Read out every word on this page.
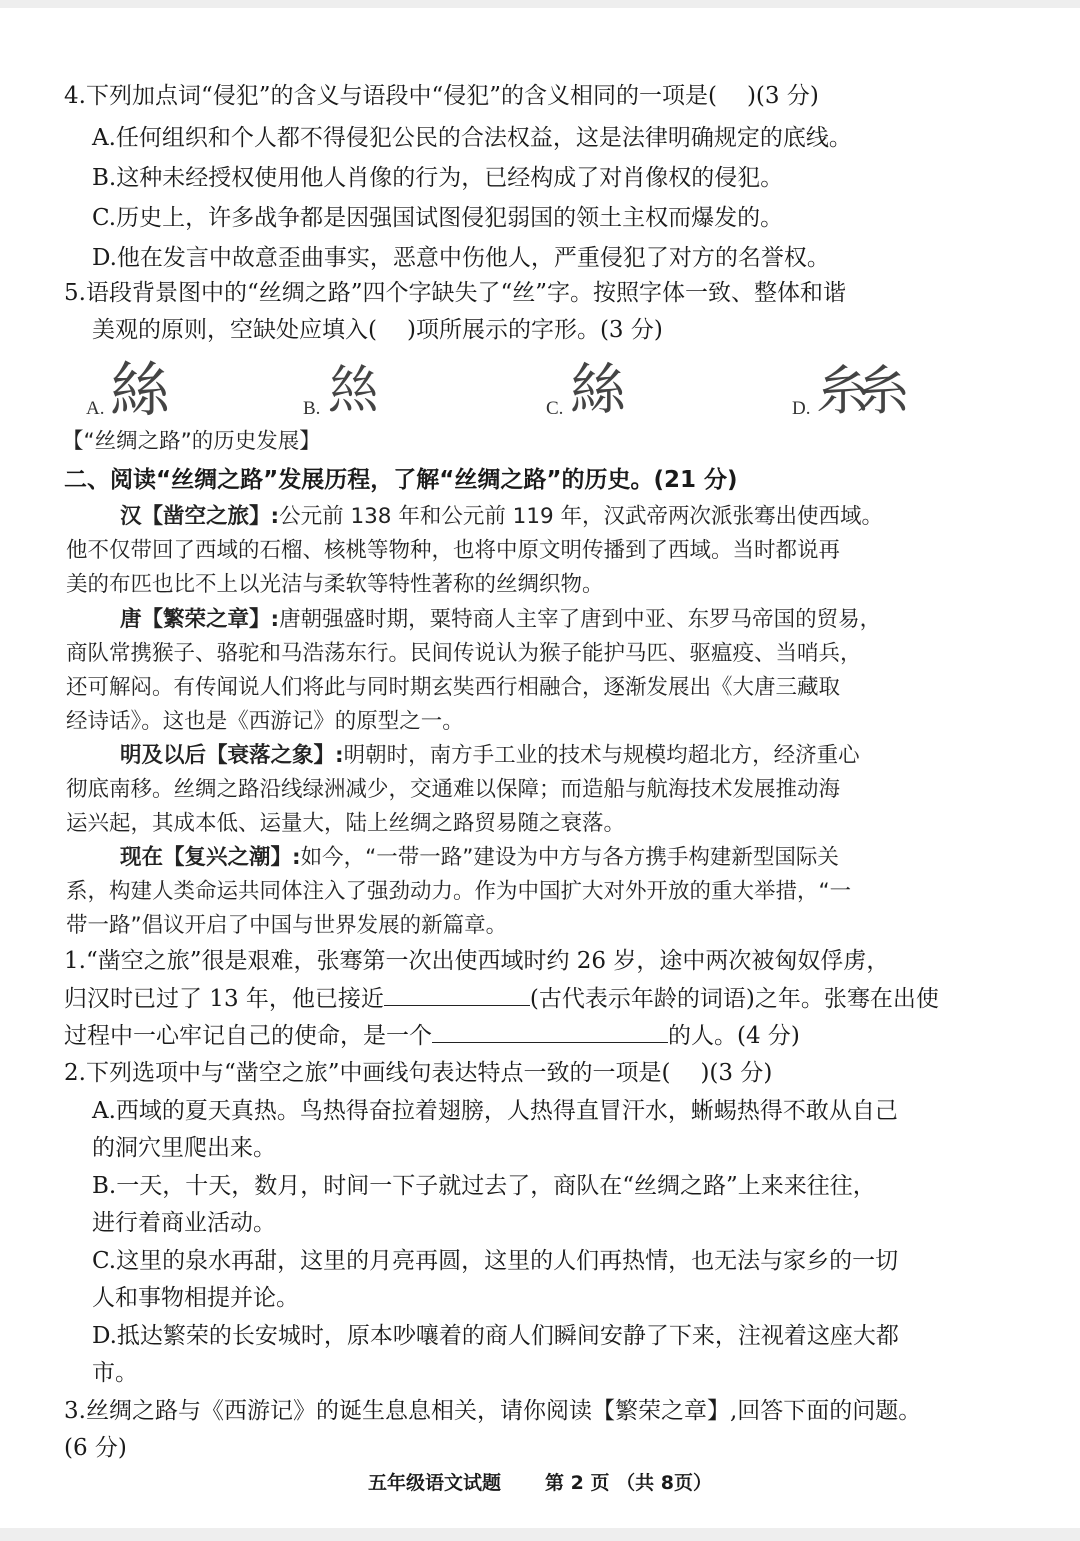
4.下列加点词“侵犯”的含义与语段中“侵犯”的含义相同的一项是( )(3 分)
A.任何组织和个人都不得侵犯公民的合法权益，这是法律明确规定的底线。
B.这种未经授权使用他人肖像的行为，已经构成了对肖像权的侵犯。
C.历史上，许多战争都是因强国试图侵犯弱国的领土主权而爆发的。
D.他在发言中故意歪曲事实，恶意中伤他人，严重侵犯了对方的名誉权。
5.语段背景图中的“丝绸之路”四个字缺失了“丝”字。按照字体一致、整体和谐
美观的原则，空缺处应填入( )项所展示的字形。(3 分)
A. 絲	B. 𢇁	C. 絲	D. 糸糸
【“丝绸之路”的历史发展】
二、阅读“丝绸之路”发展历程，了解“丝绸之路”的历史。(21 分)
汉【凿空之旅】:公元前 138 年和公元前 119 年，汉武帝两次派张骞出使西域。
他不仅带回了西域的石榴、核桃等物种，也将中原文明传播到了西域。当时都说再
美的布匹也比不上以光洁与柔软等特性著称的丝绸织物。
唐【繁荣之章】:唐朝强盛时期，粟特商人主宰了唐到中亚、东罗马帝国的贸易，
商队常携猴子、骆驼和马浩荡东行。民间传说认为猴子能护马匹、驱瘟疫、当哨兵，
还可解闷。有传闻说人们将此与同时期玄奘西行相融合，逐渐发展出《大唐三藏取
经诗话》。这也是《西游记》的原型之一。
明及以后【衰落之象】:明朝时，南方手工业的技术与规模均超北方，经济重心
彻底南移。丝绸之路沿线绿洲减少，交通难以保障；而造船与航海技术发展推动海
运兴起，其成本低、运量大，陆上丝绸之路贸易随之衰落。
现在【复兴之潮】:如今，“一带一路”建设为中方与各方携手构建新型国际关
系，构建人类命运共同体注入了强劲动力。作为中国扩大对外开放的重大举措，“一
带一路”倡议开启了中国与世界发展的新篇章。
1.“凿空之旅”很是艰难，张骞第一次出使西域时约 26 岁，途中两次被匈奴俘虏，
归汉时已过了 13 年，他已接近	(古代表示年龄的词语)之年。张骞在出使
过程中一心牢记自己的使命，是一个	的人。(4 分)
2.下列选项中与“凿空之旅”中画线句表达特点一致的一项是( )(3 分)
A.西域的夏天真热。鸟热得奋拉着翅膀，人热得直冒汗水，蜥蜴热得不敢从自己
的洞穴里爬出来。
B.一天，十天，数月，时间一下子就过去了，商队在“丝绸之路”上来来往往，
进行着商业活动。
C.这里的泉水再甜，这里的月亮再圆，这里的人们再热情，也无法与家乡的一切
人和事物相提并论。
D.抵达繁荣的长安城时，原本吵嚷着的商人们瞬间安静了下来，注视着这座大都
市。
3.丝绸之路与《西游记》的诞生息息相关，请你阅读【繁荣之章】,回答下面的问题。
(6 分)
五年级语文试题 第 2 页 （共 8页）
